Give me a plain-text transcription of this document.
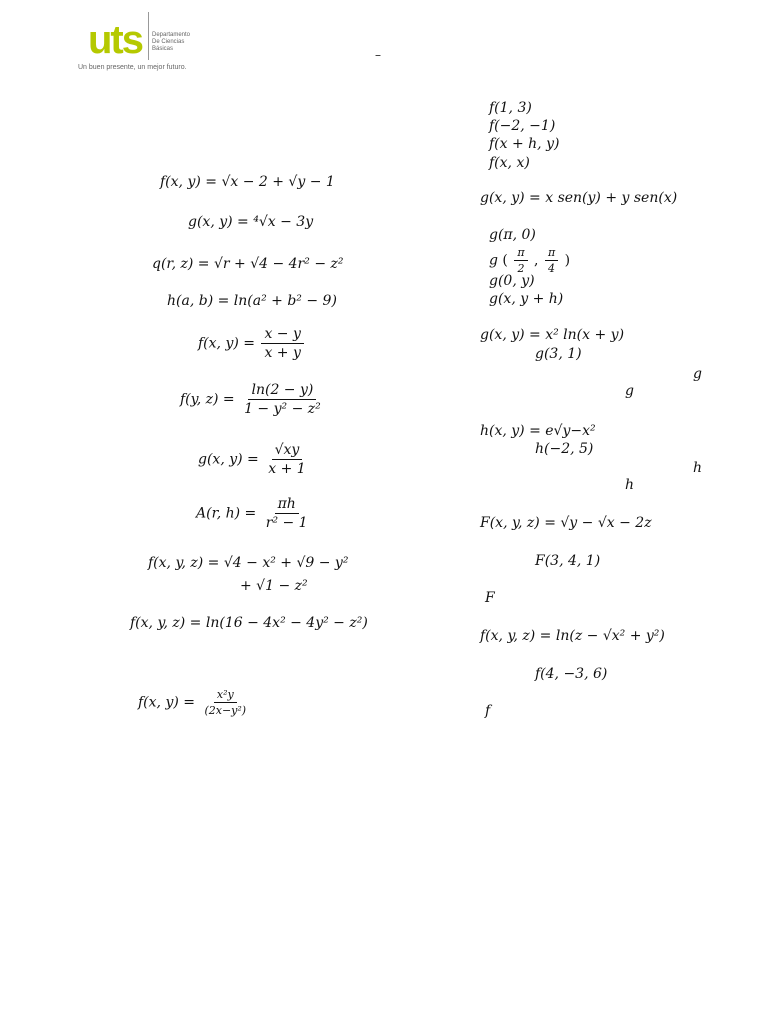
uts Departamento
De Ciencias Básicas
Un buen presente, un mejor futuro.
–
f(x, y) = √x − 2 + √y − 1
g(x, y) = ⁴√x − 3y
q(r, z) = √r + √4 − 4r² − z²
h(a, b) = ln(a² + b² − 9)
f(x, $y) = \frac{x - y}{x + y}$
f(y, $z) = \frac{\ln(2 - y)}{\text{1 − y² − z²}}$
g(x, $y) = \frac{√xy}{x + 1}$
A(r, $h) = \frac{\pi h}{\text{r² − 1}}$
f(x, y, z) = √4 − x² + √9 − y²
+ √1 − z²
f(x, y, z) = ln(16 − 4x² − 4y² − z²)
f(x, $y) = \frac{\text{x²y}}{\text{(2x−y²)}}$
f(1, 3)
f(−2, −1)
f(x + h, y)
f(x, x)
g(x, y) = x sen(y) + y sen(x)
g(π, 0)
g ( $\frac{\pi}{2}$ , $\frac{\pi}{4}$ )
g(0, y)
g(x, y + h)
g(x, y) = x² ln(x + y)
g(3, 1)
g
g
h(x, y) = e√y−x²
h(−2, 5)
h
h
F(x, y, z) = √y − √x − 2z
F(3, 4, 1)
F
f(x, y, z) = ln(z − √x² + y²)
f(4, −3, 6)
f
